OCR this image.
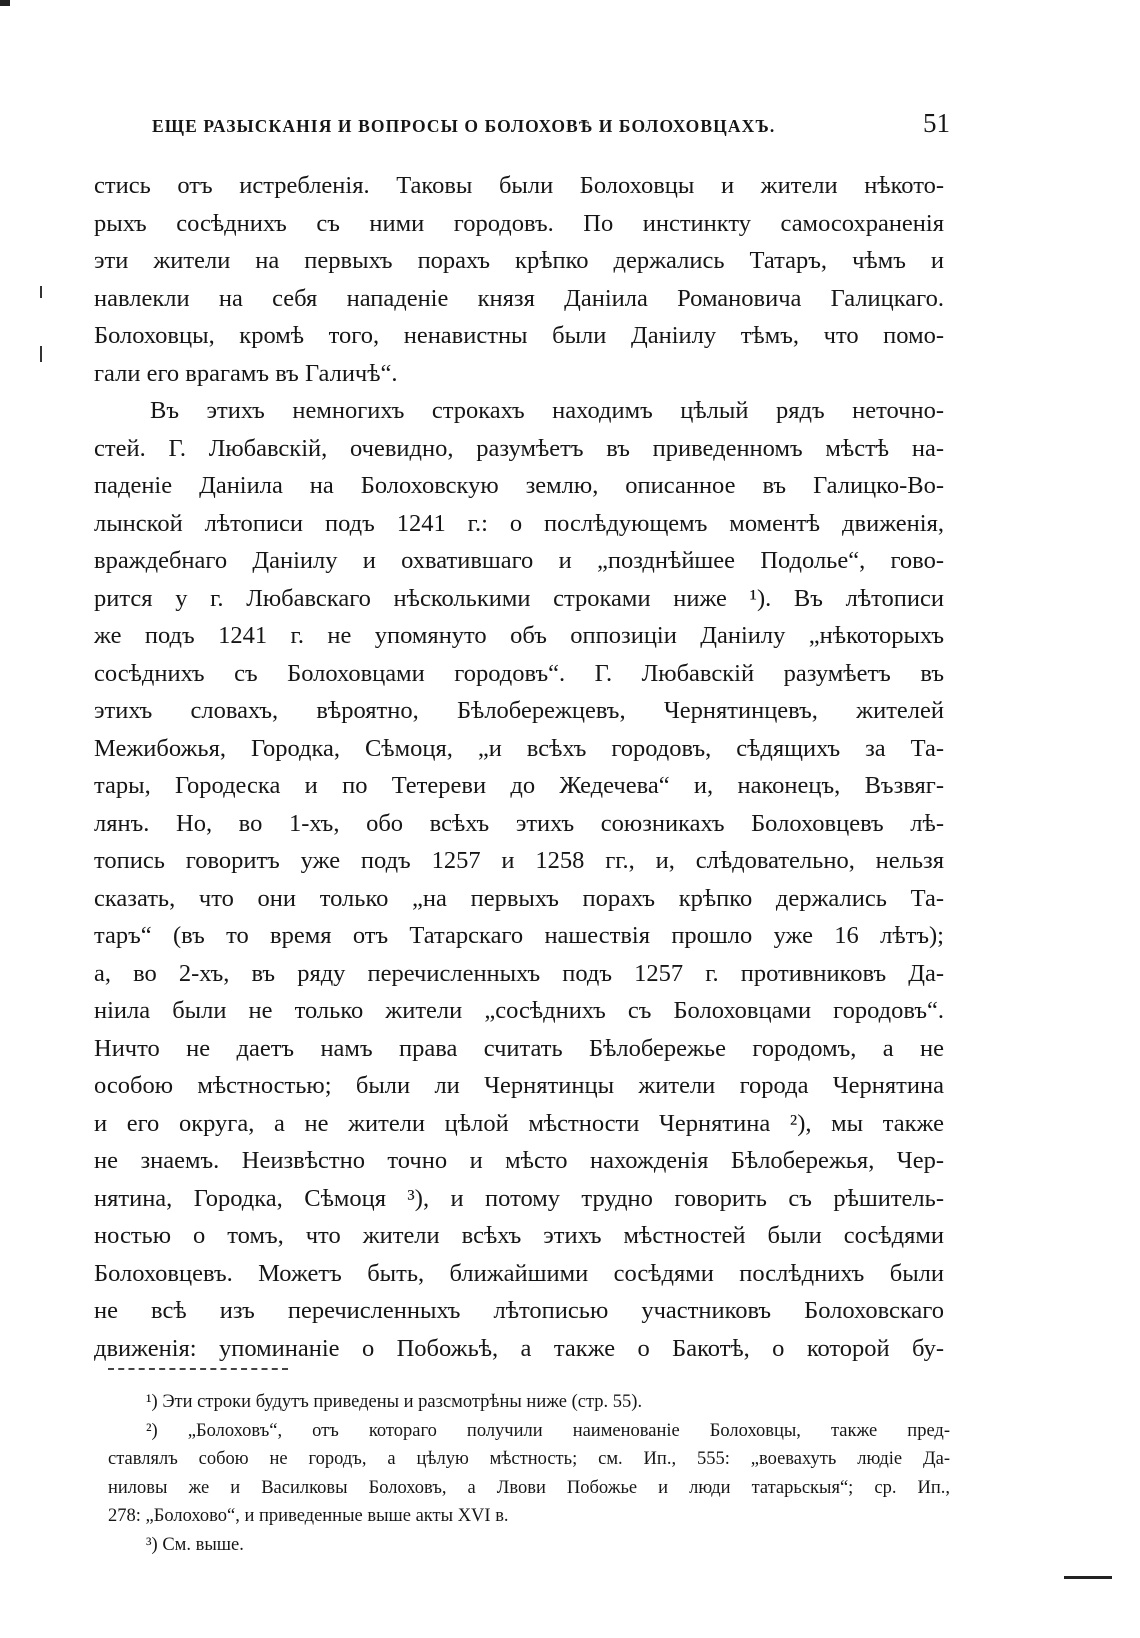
ЕЩЕ РАЗЫСКАНІЯ И ВОПРОСЫ О БОЛОХОВѢ И БОЛОХОВЦАХЪ.	51
стись отъ истребленія. Таковы были Болоховцы и жители нѣкото-
рыхъ сосѣднихъ съ ними городовъ. По инстинкту самосохраненія
эти жители на первыхъ порахъ крѣпко держались Татаръ, чѣмъ и
навлекли на себя нападеніе князя Даніила Романовича Галицкаго.
Болоховцы, кромѣ того, ненавистны были Даніилу тѣмъ, что помо-
гали его врагамъ въ Галичѣ“.
Въ этихъ немногихъ строкахъ находимъ цѣлый рядъ неточно-
стей. Г. Любавскій, очевидно, разумѣетъ въ приведенномъ мѣстѣ на-
паденіе Даніила на Болоховскую землю, описанное въ Галицко-Во-
лынской лѣтописи подъ 1241 г.: о послѣдующемъ моментѣ движенія,
враждебнаго Даніилу и охватившаго и „позднѣйшее Подолье“, гово-
рится у г. Любавскаго нѣсколькими строками ниже ¹). Въ лѣтописи
же подъ 1241 г. не упомянуто объ оппозиціи Даніилу „нѣкоторыхъ
сосѣднихъ съ Болоховцами городовъ“. Г. Любавскій разумѣетъ въ
этихъ словахъ, вѣроятно, Бѣлобережцевъ, Чернятинцевъ, жителей
Межибожья, Городка, Сѣмоця, „и всѣхъ городовъ, сѣдящихъ за Та-
тары, Городеска и по Тетереви до Жедечева“ и, наконецъ, Възвяг-
лянъ. Но, во 1-хъ, обо всѣхъ этихъ союзникахъ Болоховцевъ лѣ-
топись говоритъ уже подъ 1257 и 1258 гг., и, слѣдовательно, нельзя
сказать, что они только „на первыхъ порахъ крѣпко держались Та-
таръ“ (въ то время отъ Татарскаго нашествія прошло уже 16 лѣтъ);
а, во 2-хъ, въ ряду перечисленныхъ подъ 1257 г. противниковъ Да-
ніила были не только жители „сосѣднихъ съ Болоховцами городовъ“.
Ничто не даетъ намъ права считать Бѣлобережье городомъ, а не
особою мѣстностью; были ли Чернятинцы жители города Чернятина
и его округа, а не жители цѣлой мѣстности Чернятина ²), мы также
не знаемъ. Неизвѣстно точно и мѣсто нахожденія Бѣлобережья, Чер-
нятина, Городка, Сѣмоця ³), и потому трудно говорить съ рѣшитель-
ностью о томъ, что жители всѣхъ этихъ мѣстностей были сосѣдями
Болоховцевъ. Можетъ быть, ближайшими сосѣдями послѣднихъ были
не всѣ изъ перечисленныхъ лѣтописью участниковъ Болоховскаго
движенія: упоминаніе о Побожьѣ, а также о Бакотѣ, о которой бу-
¹) Эти строки будутъ приведены и разсмотрѣны ниже (стр. 55).
²) „Болоховъ“, отъ котораго получили наименованіе Болоховцы, также пред-
ставлялъ собою не городъ, а цѣлую мѣстность; см. Ип., 555: „воевахуть людіе Да-
ниловы же и Василковы Болоховъ, а Лвови Побожье и люди татарьскыя“; ср. Ип.,
278: „Болохово“, и приведенные выше акты XVI в.
³) См. выше.
